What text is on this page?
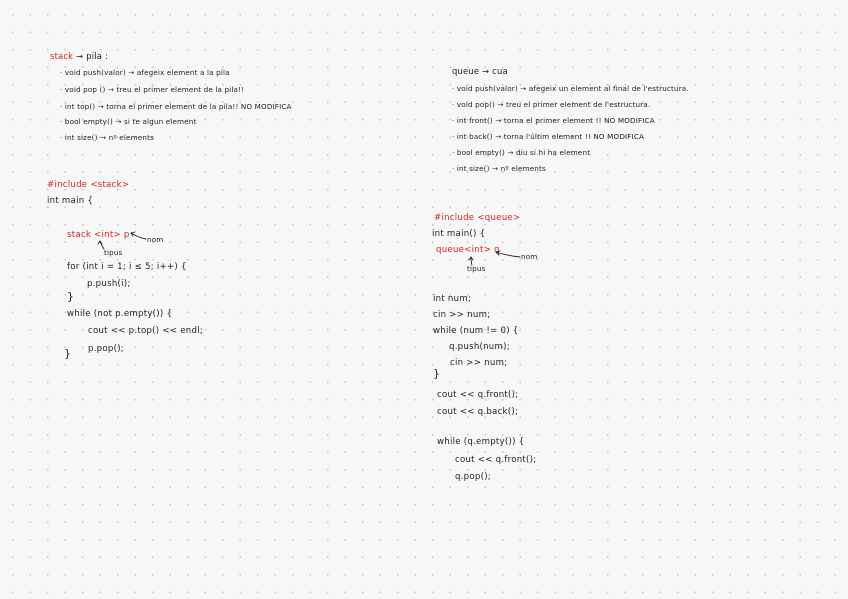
stack → pila :

· void push(valor) → afegeix element a la pila

· void pop () → treu el primer element de la pila!!

· int top() → torna el primer element de la pila!! NO MODIFICA

· bool empty() → si te algun element

· int size() → nº elements

#include <stack>

int main {

stack <int> p nom

tipus

for (int i = 1; i ≤ 5; i++) {

p.push(i);

}

while (not p.empty()) {

cout << p.top() << endl;

p.pop();

}

queue → cua

· void push(valor) → afegeix un element al final de l'estructura.

· void pop() → treu el primer element de l'estructura.

· int front() → torna el primer element !! NO MODIFICA

· int back() → torna l'últim element !! NO MODIFICA

· bool empty() → diu si hi ha element

· int size() → nº elements

#include <queue>

int main() {

queue<int> q

nom

tipus

int num;

cin >> num;

while (num != 0) {

q.push(num);

cin >> num;

}

cout << q.front();

cout << q.back();

while (q.empty()) {

cout << q.front();

q.pop();
